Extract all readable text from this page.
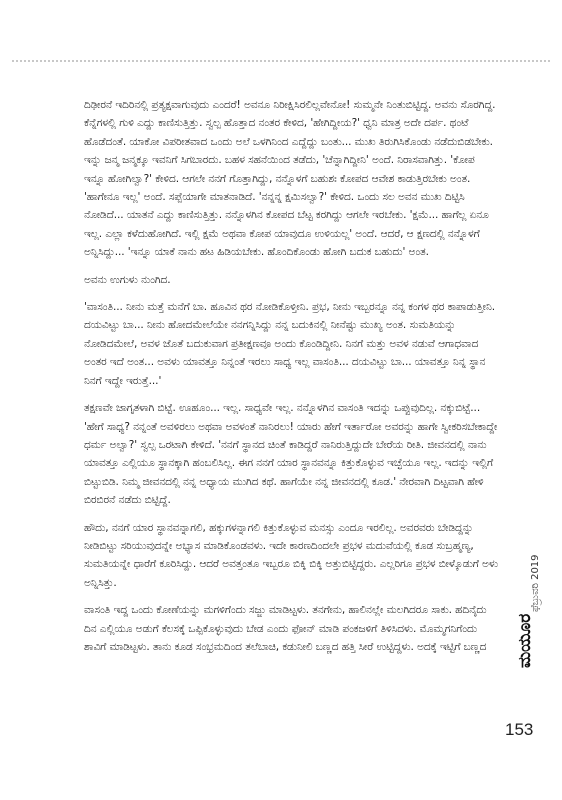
ದಿಢೀರನೆ ಇದಿರಿನಲ್ಲಿ ಪ್ರತ್ಯಕ್ಷವಾಗುವುದು ಎಂದರೆ! ಅವನೂ ನಿರೀಕ್ಷಿಸಿರಲಿಲ್ಲವೇನೋ! ಸುಮ್ಮನೇ ನಿಂತುಬಿಟ್ಟಿದ್ದ. ಅವನು ಸೊರಗಿದ್ದ. ಕೆನ್ನೆಗಳಲ್ಲಿ ಗುಳಿ ಎದ್ದು ಕಾಣಿಸುತ್ತಿತ್ತು. ಸ್ವಲ್ಪ ಹೊತ್ತಾದ ನಂತರ ಕೇಳಿದ, 'ಹೇಗಿದ್ದೀಯ?' ಧ್ವನಿ ಮಾತ್ರ ಅದೇ ದರ್ಪ. ಥಂಟೆ ಹೊಡೆದಂತೆ. ಯಾಕೋ ವಿಪರೀತವಾದ ಒಂದು ಅಲೆ ಒಳಗಿನಿಂದ ಎದ್ದೆದ್ದು ಬಂತು... ಮುಖ ತಿರುಗಿಸಿಕೊಂಡು ನಡೆದುಬಿಡಬೇಕು. ಇನ್ನು ಜನ್ಮ ಜನ್ಮಕ್ಕೂ ಇವನಿಗೆ ಸಿಗಬಾರದು. ಬಹಳ ಸಹನೆಯಿಂದ ತಡೆದು, 'ಚೆನ್ನಾಗಿದ್ದೀನಿ' ಅಂದೆ. ನಿರಾಸವಾಗಿತ್ತು. 'ಕೋಪ ಇನ್ನೂ ಹೋಗಿಲ್ವಾ?' ಕೇಳಿದ. ಆಗಲೇ ನನಗೆ ಗೊತ್ತಾಗಿದ್ದು, ನನ್ನೊಳಗೆ ಬಹುಶಃ ಕೋಪದ ಆವೇಶ ಕಾಡುತ್ತಿರಬೇಕು ಅಂತ. 'ಹಾಗೇನೂ ಇಲ್ಲ' ಅಂದೆ. ಸಪ್ಪೆಯಾಗೇ ಮಾತನಾಡಿದೆ. 'ನನ್ನನ್ನ ಕ್ಷಮಿಸಲ್ವಾ?' ಕೇಳಿದ. ಒಂದು ಸಲ ಅವನ ಮುಖ ದಿಟ್ಟಿಸಿ ನೋಡಿದೆ... ಯಾತನೆ ಎದ್ದು ಕಾಣಿಸುತ್ತಿತ್ತು. ನನ್ನೊಳಗಿನ ಕೋಪದ ಬೆಟ್ಟ ಕರಗಿದ್ದು ಆಗಲೇ ಇರಬೇಕು. 'ಕ್ಷಮೆ... ಹಾಗೆಲ್ಲ ಏನೂ ಇಲ್ಲ. ಎಲ್ಲಾ ಕಳೆದುಹೋಗಿದೆ. ಇಲ್ಲಿ ಕ್ಷಮೆ ಅಥವಾ ಕೋಪ ಯಾವುದೂ ಉಳಿಯಲ್ಲ' ಅಂದೆ. ಆದರೆ, ಆ ಕ್ಷಣದಲ್ಲಿ ನನ್ನೊಳಗೆ ಅನ್ನಿಸಿದ್ದು... 'ಇನ್ನೂ ಯಾಕೆ ನಾನು ಹಟ ಹಿಡಿಯಬೇಕು. ಹೊಂದಿಕೊಂಡು ಹೋಗಿ ಬದುಕ ಬಹುದು' ಅಂತ.

ಅವನು ಉಗುಳು ನುಂಗಿದ.

'ವಾಸಂತಿ... ನೀನು ಮತ್ತೆ ಮನೆಗೆ ಬಾ. ಹೂವಿನ ಥರ ನೋಡಿಕೊಳ್ತೀನಿ. ಪ್ರಭ, ನೀನು ಇಬ್ಬರನ್ನೂ ನನ್ನ ಕಂಗಳ ಥರ ಕಾಪಾಡುತ್ತೀನಿ. ದಯವಿಟ್ಟು ಬಾ... ನೀನು ಹೋದಮೇಲೆಯೇ ನನಗನ್ನಿಸಿದ್ದು ನನ್ನ ಬದುಕಿನಲ್ಲಿ ನೀನೆಷ್ಟು ಮುಖ್ಯ ಅಂತ. ಸುಮತಿಯನ್ನು ನೋಡಿದಮೇಲೆ, ಅವಳ ಜೊತೆ ಬದುಕುವಾಗ ಪ್ರತೀಕ್ಷಣವೂ ಅಂದು ಕೊಂಡಿದ್ದೀನಿ. ನಿನಗೆ ಮತ್ತು ಅವಳ ನಡುವೆ ಆಗಾಧವಾದ ಅಂತರ ಇದೆ ಅಂತ... ಅವಳು ಯಾವತ್ತೂ ನಿನ್ನಂತೆ ಇರಲು ಸಾಧ್ಯ ಇಲ್ಲ ವಾಸಂತಿ... ದಯವಿಟ್ಟು ಬಾ... ಯಾವತ್ತೂ ನಿನ್ನ ಸ್ಥಾನ ನಿನಗೆ ಇದ್ದೇ ಇರುತ್ತೆ...'

ತಕ್ಷಣವೇ ಜಾಗೃತಳಾಗಿ ಬಿಟ್ಟೆ. ಊಹೂಂ... ಇಲ್ಲ. ಸಾಧ್ಯವೇ ಇಲ್ಲ. ನನ್ನೊಳಗಿನ ವಾಸಂತಿ ಇದನ್ನು ಒಪ್ಪುವುದಿಲ್ಲ. ನಕ್ಕುಬಿಟ್ಟೆ... 'ಹೇಗೆ ಸಾಧ್ಯ? ನನ್ನಂತೆ ಅವಳಿರಲು ಅಥವಾ ಅವಳಂತೆ ನಾನಿರಲು! ಯಾರು ಹೇಗೆ ಇರ್ತಾರೋ ಅವರನ್ನು ಹಾಗೇ ಸ್ವೀಕರಿಸಬೇಕಾದ್ದೇ ಧರ್ಮ ಅಲ್ವಾ?' ಸ್ವಲ್ಪ ಒರಟಾಗಿ ಕೇಳಿದೆ. 'ನನಗೆ ಸ್ಥಾನದ ಚಿಂತೆ ಕಾಡಿದ್ದರೆ ನಾನಿರುತ್ತಿದ್ದುದೇ ಬೇರೆಯ ರೀತಿ. ಜೀವನದಲ್ಲಿ ನಾನು ಯಾವತ್ತೂ ಎಲ್ಲಿಯೂ ಸ್ಥಾನಕ್ಕಾಗಿ ಹಂಬಲಿಸಿಲ್ಲ. ಈಗ ನನಗೆ ಯಾರ ಸ್ಥಾನವನ್ನೂ ಕಿತ್ತುಕೊಳ್ಳುವ ಇಚ್ಛೆಯೂ ಇಲ್ಲ. ಇದನ್ನು ಇಲ್ಲಿಗೆ ಬಿಟ್ಟುಬಿಡಿ. ನಿಮ್ಮ ಜೀವನದಲ್ಲಿ ನನ್ನ ಅಧ್ಯಾಯ ಮುಗಿದ ಕಥೆ. ಹಾಗೆಯೇ ನನ್ನ ಜೀವನದಲ್ಲಿ ಕೂಡ.' ನೇರವಾಗಿ ದಿಟ್ಟವಾಗಿ ಹೇಳಿ ಬಿರಬಿರನೆ ನಡೆದು ಬಿಟ್ಟಿದ್ದೆ.

ಹೌದು, ನನಗೆ ಯಾರ ಸ್ಥಾನವನ್ನಾಗಲಿ, ಹಕ್ಕುಗಳನ್ನಾಗಲಿ ಕಿತ್ತುಕೊಳ್ಳುವ ಮನಸ್ಸು ಎಂದೂ ಇರಲಿಲ್ಲ. ಅವರವರು ಬೇಡಿದ್ದನ್ನು ನೀಡಿಬಿಟ್ಟು ಸರಿಯುವುದನ್ನೇ ಅಭ್ಯಾಸ ಮಾಡಿಕೊಂಡವಳು. ಇದೇ ಕಾರಣದಿಂದಲೇ ಪ್ರಭಳ ಮದುವೆಯಲ್ಲಿ ಕೂಡ ಸುಬ್ರಹ್ಮಣ್ಯ, ಸುಮತಿಯನ್ನೇ ಧಾರೆಗೆ ಕೂರಿಸಿದ್ದು. ಆದರೆ ಅವತ್ತಂತೂ ಇಬ್ಬರೂ ಬಿಕ್ಕಿ ಬಿಕ್ಕಿ ಅತ್ತುಬಿಟ್ಟಿದ್ದರು. ಎಲ್ಲರಿಗೂ ಪ್ರಭಳ ಬೀಳ್ಕೊಡುಗೆ ಅಳು ಅನ್ನಿಸಿತ್ತು.

ವಾಸಂತಿ ಇದ್ದ ಒಂದು ಕೋಣೆಯನ್ನು ಮಗಳಿಗೆಂದು ಸಜ್ಜು ಮಾಡಿಟ್ಟಳು. ತನಗೇನು, ಹಾಲಿನಲ್ಲೇ ಮಲಗಿದರೂ ಸಾಕು. ಹದಿನೈದು ದಿನ ಎಲ್ಲಿಯೂ ಅಡುಗೆ ಕೆಲಸಕ್ಕೆ ಒಪ್ಪಿಕೊಳ್ಳುವುದು ಬೇಡ ಎಂದು ಫೋನ್ ಮಾಡಿ ಪಂಕಜಳಿಗೆ ತಿಳಿಸಿದಳು. ಮೊಮ್ಮಗನಿಗೆಂದು ಶಾವಿಗೆ ಮಾಡಿಟ್ಟಳು. ತಾನು ಕೂಡ ಸಂಭ್ರಮದಿಂದ ತಲೆಬಾಚಿ, ಕಡುನೀಲಿ ಬಣ್ಣದ ಹತ್ತಿ ಸೀರೆ ಉಟ್ಟಿದ್ದಳು. ಅದಕ್ಕೆ ಇಟ್ಟಿಗೆ ಬಣ್ಣದ	ಮಯೂರ
ಫೆಬ್ರುವರಿ 2019
153
